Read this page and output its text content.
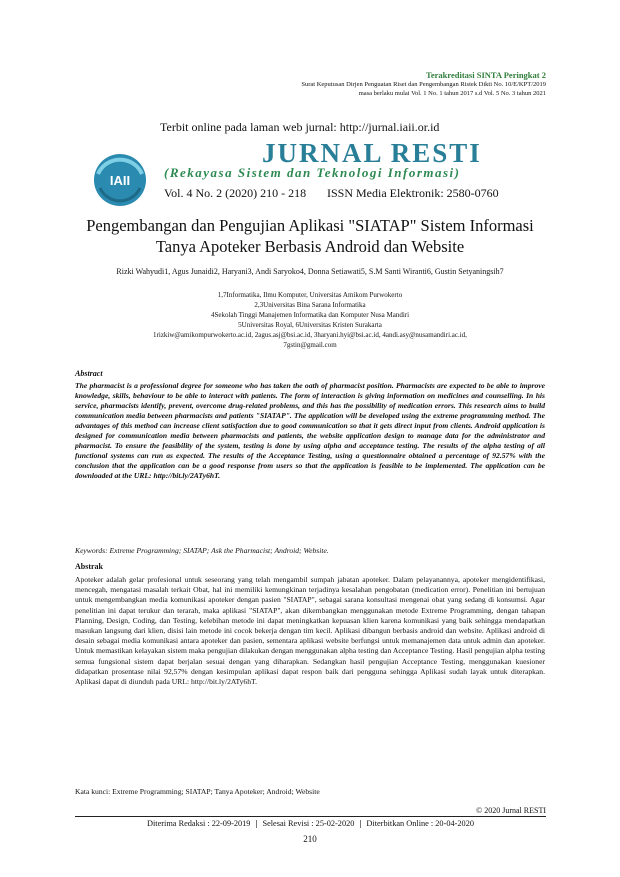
Terakreditasi SINTA Peringkat 2
Surat Keputusan Dirjen Penguatan Riset dan Pengembangan Ristek Dikti No. 10/E/KPT/2019
masa berlaku mulai Vol. 1 No. 1 tahun 2017 s.d Vol. 5 No. 3 tahun 2021
Terbit online pada laman web jurnal: http://jurnal.iaii.or.id
IAII
JURNAL RESTI
(Rekayasa Sistem dan Teknologi Informasi)
Vol. 4 No. 2 (2020) 210 - 218 ISSN Media Elektronik: 2580-0760
Pengembangan dan Pengujian Aplikasi "SIATAP" Sistem Informasi Tanya Apoteker Berbasis Android dan Website
Rizki Wahyudi1, Agus Junaidi2, Haryani3, Andi Saryoko4, Donna Setiawati5, S.M Santi Wiranti6, Gustin Setyaningsih7
1,7Informatika, Ilmu Komputer, Universitas Amikom Purwokerto
2,3Universitas Bina Sarana Informatika
4Sekolah Tinggi Manajemen Informatika dan Komputer Nusa Mandiri
5Universitas Royal, 6Universitas Kristen Surakarta
1rizkiw@amikompurwokerto.ac.id, 2agus.asj@bsi.ac.id, 3haryani.hyi@bsi.ac.id, 4andi.asy@nusamandiri.ac.id,
7gstin@gmail.com
Abstract
The pharmacist is a professional degree for someone who has taken the oath of pharmacist position. Pharmacists are expected to be able to improve knowledge, skills, behaviour to be able to interact with patients. The form of interaction is giving information on medicines and counselling. In his service, pharmacists identify, prevent, overcome drug-related problems, and this has the possibility of medication errors. This research aims to build communication media between pharmacists and patients "SIATAP". The application will be developed using the extreme programming method. The advantages of this method can increase client satisfaction due to good communication so that it gets direct input from clients. Android application is designed for communication media between pharmacists and patients, the website application design to manage data for the administrator and pharmacist. To ensure the feasibility of the system, testing is done by using alpha and acceptance testing. The results of the alpha testing of all functional systems can run as expected. The results of the Acceptance Testing, using a questionnaire obtained a percentage of 92.57% with the conclusion that the application can be a good response from users so that the application is feasible to be implemented. The application can be downloaded at the URL: http://bit.ly/2ATy6hT.
Keywords: Extreme Programming; SIATAP; Ask the Pharmacist; Android; Website.
Abstrak
Apoteker adalah gelar profesional untuk seseorang yang telah mengambil sumpah jabatan apoteker. Dalam pelayanannya, apoteker mengidentifikasi, mencegah, mengatasi masalah terkait Obat, hal ini memiliki kemungkinan terjadinya kesalahan pengobatan (medication error). Penelitian ini bertujuan untuk mengembangkan media komunikasi apoteker dengan pasien "SIATAP", sebagai sarana konsultasi mengenai obat yang sedang di konsumsi. Agar penelitian ini dapat terukur dan terarah, maka aplikasi "SIATAP", akan dikembangkan menggunakan metode Extreme Programming, dengan tahapan Planning, Design, Coding, dan Testing, kelebihan metode ini dapat meningkatkan kepuasan klien karena komunikasi yang baik sehingga mendapatkan masukan langsung dari klien, disisi lain metode ini cocok bekerja dengan tim kecil. Aplikasi dibangun berbasis android dan website. Aplikasi android di desain sebagai media komunikasi antara apoteker dan pasien, sementara aplikasi website berfungsi untuk memanajemen data untuk admin dan apoteker. Untuk memastikan kelayakan sistem maka pengujian dilakukan dengan menggunakan alpha testing dan Acceptance Testing. Hasil pengujian alpha testing semua fungsional sistem dapat berjalan sesuai dengan yang diharapkan. Sedangkan hasil pengujian Acceptance Testing, menggunakan kuesioner didapatkan prosentase nilai 92,57% dengan kesimpulan aplikasi dapat respon baik dari pengguna sehingga Aplikasi sudah layak untuk diterapkan. Aplikasi dapat di diunduh pada URL: http://bit.ly/2ATy6hT.
Kata kunci: Extreme Programming; SIATAP; Tanya Apoteker; Android; Website
© 2020 Jurnal RESTI
Diterima Redaksi : 22-09-2019 | Selesai Revisi : 25-02-2020 | Diterbitkan Online : 20-04-2020
210
